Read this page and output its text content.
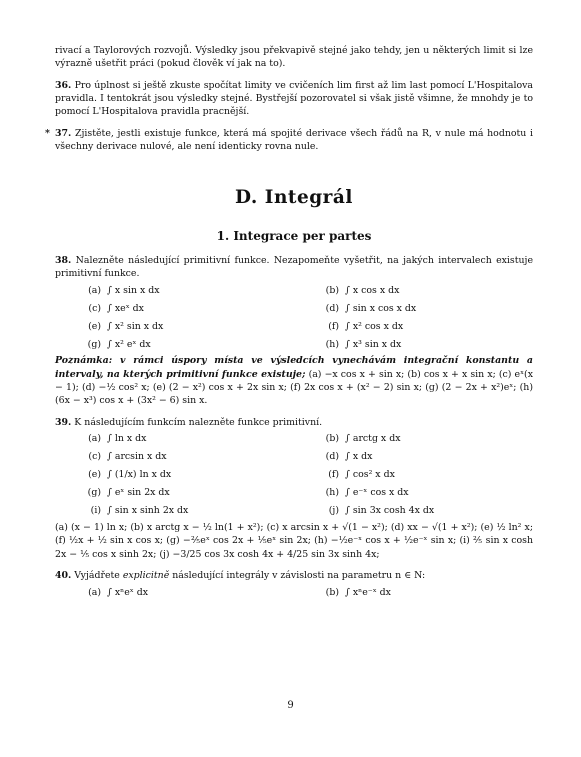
rivací a Taylorových rozvojů. Výsledky jsou překvapivě stejné jako tehdy, jen u některých limit si lze výrazně ušetřit práci (pokud člověk ví jak na to).

36. Pro úplnost si ještě zkuste spočítat limity ve cvičeních lim first až lim last pomocí L'Hospitalova pravidla. I tentokrát jsou výsledky stejné. Bystřejší pozorovatel si však jistě všimne, že mnohdy je to pomocí L'Hospitalova pravidla pracnější.

* 37. Zjistěte, jestli existuje funkce, která má spojité derivace všech řádů na R, v nule má hodnotu i všechny derivace nulové, ale není identicky rovna nule.

D. Integrál
1. Integrace per partes

38. Nalezněte následující primitivní funkce. Nezapomeňte vyšetřit, na jakých intervalech existuje primitivní funkce.

(a)	∫ x sin x dx	(b)	∫ x cos x dx
(c)	∫ xeˣ dx	(d)	∫ sin x cos x dx
(e)	∫ x² sin x dx	(f)	∫ x² cos x dx
(g)	∫ x² eˣ dx	(h)	∫ x³ sin x dx

Poznámka: v rámci úspory místa ve výsledcích vynechávám integrační konstantu a intervaly, na kterých primitivní funkce existuje; (a) −x cos x + sin x; (b) cos x + x sin x; (c) eˣ(x − 1); (d) −½ cos² x; (e) (2 − x²) cos x + 2x sin x; (f) 2x cos x + (x² − 2) sin x; (g) (2 − 2x + x²)eˣ; (h) (6x − x³) cos x + (3x² − 6) sin x.

39. K následujícím funkcím nalezněte funkce primitivní.

(a)	∫ ln x dx	(b)	∫ arctg x dx
(c)	∫ arcsin x dx	(d)	∫ x dx
(e)	∫ (1/x) ln x dx	(f)	∫ cos² x dx
(g)	∫ eˣ sin 2x dx	(h)	∫ e⁻ˣ cos x dx
(i)	∫ sin x sinh 2x dx	(j)	∫ sin 3x cosh 4x dx

(a) (x − 1) ln x; (b) x arctg x − ½ ln(1 + x²); (c) x arcsin x + √(1 − x²); (d) xx − √(1 + x²); (e) ½ ln² x; (f) ½x + ½ sin x cos x; (g) −⅖eˣ cos 2x + ⅕eˣ sin 2x; (h) −½e⁻ˣ cos x + ½e⁻ˣ sin x; (i) ⅖ sin x cosh 2x − ⅕ cos x sinh 2x; (j) −3/25 cos 3x cosh 4x + 4/25 sin 3x sinh 4x;

40. Vyjádřete explicitně následující integrály v závislosti na parametru n ∈ N:

(a)	∫ xⁿeˣ dx	(b)	∫ xⁿe⁻ˣ dx
9
